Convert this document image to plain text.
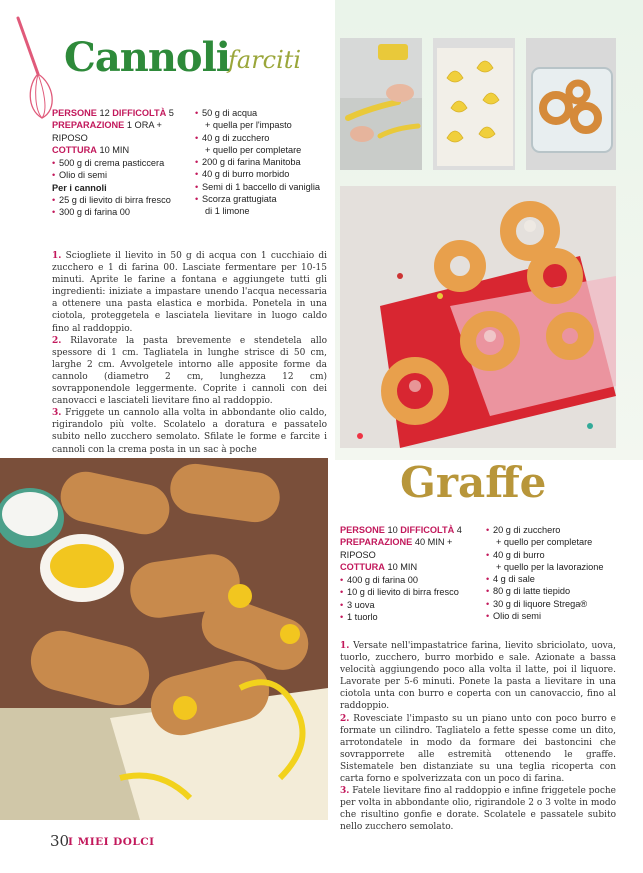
Cannoli
farciti
PERSONE 12 DIFFICOLTÀ 5
PREPARAZIONE 1 ORA + RIPOSO
COTTURA 10 MIN
• 500 g di crema pasticcera
• Olio di semi
Per i cannoli
• 25 g di lievito di birra fresco
• 300 g di farina 00
• 50 g di acqua
+ quella per l'impasto
• 40 g di zucchero
+ quello per completare
• 200 g di farina Manitoba
• 40 g di burro morbido
• Semi di 1 baccello di vaniglia
• Scorza grattugiata
di 1 limone

1. Sciogliete il lievito in 50 g di acqua con 1 cucchiaio di zucchero e 1 di farina 00. Lasciate fermentare per 10-15 minuti. Aprite le farine a fontana e aggiungete tutti gli ingredienti: iniziate a impastare unendo l'acqua necessaria a ottenere una pasta elastica e morbida. Ponetela in una ciotola, proteggetela e lasciatela lievitare in luogo caldo fino al raddoppio.

2. Rilavorate la pasta brevemente e stendetela allo spessore di 1 cm. Tagliatela in lunghe strisce di 50 cm, larghe 2 cm. Avvolgetele intorno alle apposite forme da cannolo (diametro 2 cm, lunghezza 12 cm) sovrapponendole leggermente. Coprite i cannoli con dei canovacci e lasciateli lievitare fino al raddoppio.

3. Friggete un cannolo alla volta in abbondante olio caldo, rigirandolo più volte. Scolatelo a doratura e passatelo subito nello zucchero semolato. Sfilate le forme e farcite i cannoli con la crema posta in un sac à poche

Graffe
PERSONE 10 DIFFICOLTÀ 4
PREPARAZIONE 40 MIN + RIPOSO
COTTURA 10 MIN
• 400 g di farina 00
• 10 g di lievito di birra fresco
• 3 uova
• 1 tuorlo
• 20 g di zucchero
+ quello per completare
• 40 g di burro
+ quello per la lavorazione
• 4 g di sale
• 80 g di latte tiepido
• 30 g di liquore Strega®
• Olio di semi

1. Versate nell'impastatrice farina, lievito sbriciolato, uova, tuorlo, zucchero, burro morbido e sale. Azionate a bassa velocità aggiungendo poco alla volta il latte, poi il liquore. Lavorate per 5-6 minuti. Ponete la pasta a lievitare in una ciotola unta con burro e coperta con un canovaccio, fino al raddoppio.

2. Rovesciate l'impasto su un piano unto con poco burro e formate un cilindro. Tagliatelo a fette spesse come un dito, arrotondatele in modo da formare dei bastoncini che sovrapporrete alle estremità ottenendo le graffe. Sistematele ben distanziate su una teglia ricoperta con carta forno e spolverizzata con un poco di farina.

3. Fatele lievitare fino al raddoppio e infine friggetele poche per volta in abbondante olio, rigirandole 2 o 3 volte in modo che risultino gonfie e dorate. Scolatele e passatele subito nello zucchero semolato.

30
I MIEI DOLCI
